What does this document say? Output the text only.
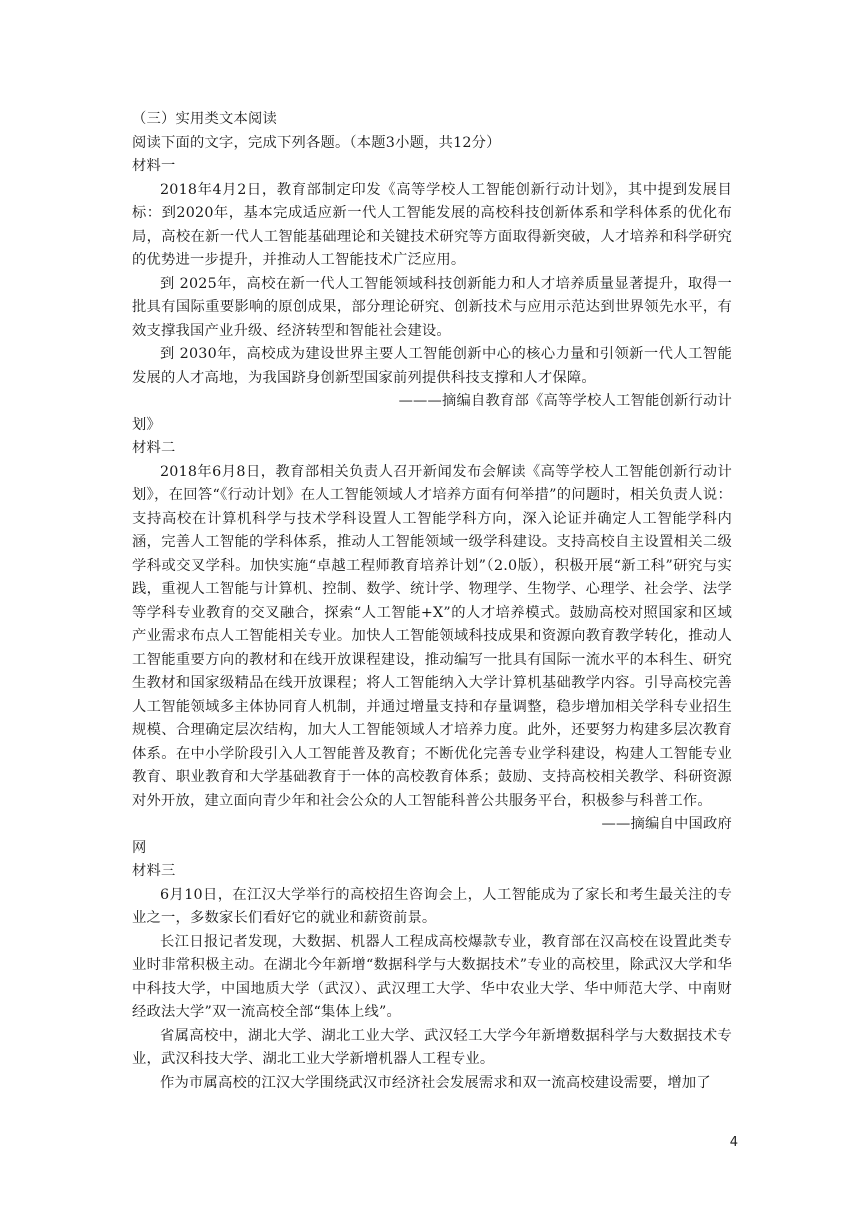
（三）实用类文本阅读

阅读下面的文字，完成下列各题。（本题3小题，共12分）

材料一

2018年4月2日，教育部制定印发《高等学校人工智能创新行动计划》，其中提到发展目标：到2020年，基本完成适应新一代人工智能发展的高校科技创新体系和学科体系的优化布局，高校在新一代人工智能基础理论和关键技术研究等方面取得新突破，人才培养和科学研究的优势进一步提升，并推动人工智能技术广泛应用。

到 2025年，高校在新一代人工智能领域科技创新能力和人才培养质量显著提升，取得一批具有国际重要影响的原创成果，部分理论研究、创新技术与应用示范达到世界领先水平，有效支撑我国产业升级、经济转型和智能社会建设。

到 2030年，高校成为建设世界主要人工智能创新中心的核心力量和引领新一代人工智能发展的人才高地，为我国跻身创新型国家前列提供科技支撑和人才保障。

———摘编自教育部《高等学校人工智能创新行动计

划》

材料二

2018年6月8日，教育部相关负责人召开新闻发布会解读《高等学校人工智能创新行动计划》，在回答“《行动计划》在人工智能领域人才培养方面有何举措”的问题时，相关负责人说：支持高校在计算机科学与技术学科设置人工智能学科方向，深入论证并确定人工智能学科内涵，完善人工智能的学科体系，推动人工智能领域一级学科建设。支持高校自主设置相关二级学科或交叉学科。加快实施“卓越工程师教育培养计划”（2.0版），积极开展“新工科”研究与实践，重视人工智能与计算机、控制、数学、统计学、物理学、生物学、心理学、社会学、法学等学科专业教育的交叉融合，探索“人工智能+X”的人才培养模式。鼓励高校对照国家和区域产业需求布点人工智能相关专业。加快人工智能领域科技成果和资源向教育教学转化，推动人工智能重要方向的教材和在线开放课程建设，推动编写一批具有国际一流水平的本科生、研究生教材和国家级精品在线开放课程；将人工智能纳入大学计算机基础教学内容。引导高校完善人工智能领域多主体协同育人机制，并通过增量支持和存量调整，稳步增加相关学科专业招生规模、合理确定层次结构，加大人工智能领域人才培养力度。此外，还要努力构建多层次教育体系。在中小学阶段引入人工智能普及教育；不断优化完善专业学科建设，构建人工智能专业教育、职业教育和大学基础教育于一体的高校教育体系；鼓励、支持高校相关教学、科研资源对外开放，建立面向青少年和社会公众的人工智能科普公共服务平台，积极参与科普工作。

——摘编自中国政府

网

材料三

6月10日，在江汉大学举行的高校招生咨询会上，人工智能成为了家长和考生最关注的专业之一，多数家长们看好它的就业和薪资前景。

长江日报记者发现，大数据、机器人工程成高校爆款专业，教育部在汉高校在设置此类专业时非常积极主动。在湖北今年新增“数据科学与大数据技术”专业的高校里，除武汉大学和华中科技大学，中国地质大学（武汉）、武汉理工大学、华中农业大学、华中师范大学、中南财经政法大学”双一流高校全部“集体上线”。

省属高校中，湖北大学、湖北工业大学、武汉轻工大学今年新增数据科学与大数据技术专业，武汉科技大学、湖北工业大学新增机器人工程专业。

作为市属高校的江汉大学围绕武汉市经济社会发展需求和双一流高校建设需要，增加了

4
